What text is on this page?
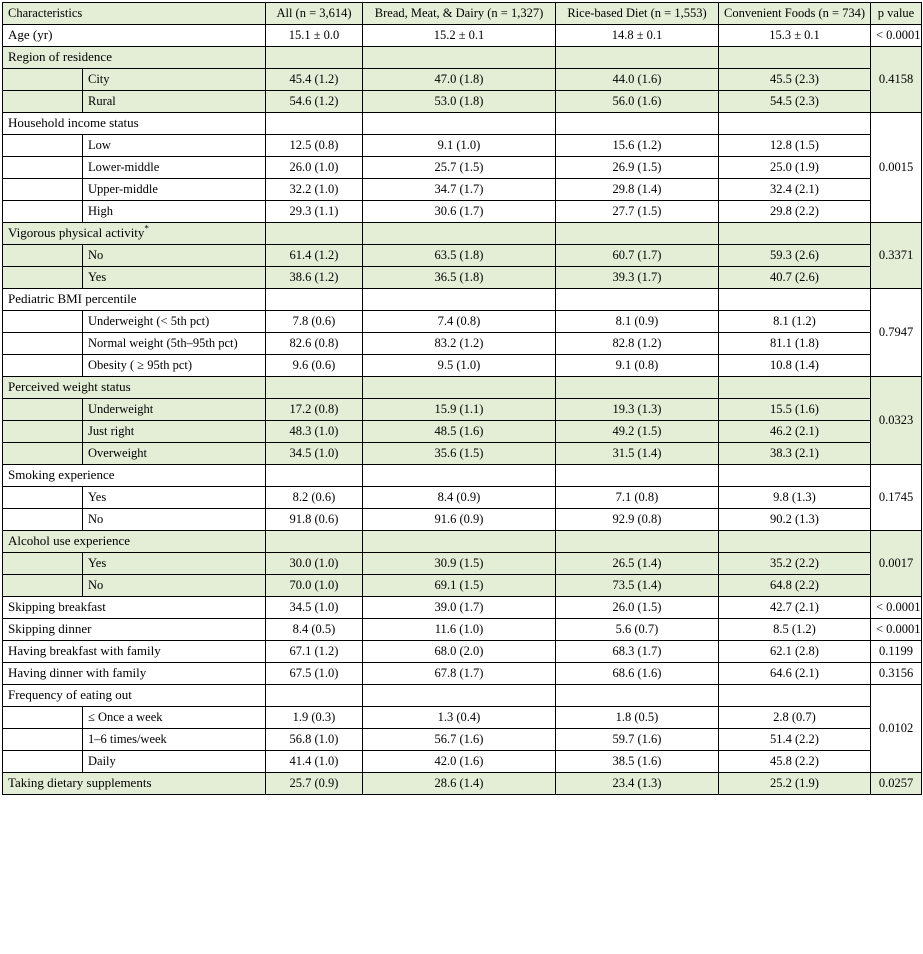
Characteristics		All (n = 3,614)	Bread, Meat, & Dairy (n = 1,327)	Rice-based Diet (n = 1,553)	Convenient Foods (n = 734)	p value
Age (yr)		15.1 ± 0.0	15.2 ± 0.1	14.8 ± 0.1	15.3 ± 0.1	< 0.0001
Region of residence						0.4158
	City	45.4 (1.2)	47.0 (1.8)	44.0 (1.6)	45.5 (2.3)	
	Rural	54.6 (1.2)	53.0 (1.8)	56.0 (1.6)	54.5 (2.3)	
Household income status						0.0015
	Low	12.5 (0.8)	9.1 (1.0)	15.6 (1.2)	12.8 (1.5)	
	Lower-middle	26.0 (1.0)	25.7 (1.5)	26.9 (1.5)	25.0 (1.9)	
	Upper-middle	32.2 (1.0)	34.7 (1.7)	29.8 (1.4)	32.4 (2.1)	
	High	29.3 (1.1)	30.6 (1.7)	27.7 (1.5)	29.8 (2.2)	
Vigorous physical activity*						0.3371
	No	61.4 (1.2)	63.5 (1.8)	60.7 (1.7)	59.3 (2.6)	
	Yes	38.6 (1.2)	36.5 (1.8)	39.3 (1.7)	40.7 (2.6)	
Pediatric BMI percentile						0.7947
	Underweight (< 5th pct)	7.8 (0.6)	7.4 (0.8)	8.1 (0.9)	8.1 (1.2)	
	Normal weight (5th–95th pct)	82.6 (0.8)	83.2 (1.2)	82.8 (1.2)	81.1 (1.8)	
	Obesity ( ≥ 95th pct)	9.6 (0.6)	9.5 (1.0)	9.1 (0.8)	10.8 (1.4)	
Perceived weight status						0.0323
	Underweight	17.2 (0.8)	15.9 (1.1)	19.3 (1.3)	15.5 (1.6)	
	Just right	48.3 (1.0)	48.5 (1.6)	49.2 (1.5)	46.2 (2.1)	
	Overweight	34.5 (1.0)	35.6 (1.5)	31.5 (1.4)	38.3 (2.1)	
Smoking experience						0.1745
	Yes	8.2 (0.6)	8.4 (0.9)	7.1 (0.8)	9.8 (1.3)	
	No	91.8 (0.6)	91.6 (0.9)	92.9 (0.8)	90.2 (1.3)	
Alcohol use experience						0.0017
	Yes	30.0 (1.0)	30.9 (1.5)	26.5 (1.4)	35.2 (2.2)	
	No	70.0 (1.0)	69.1 (1.5)	73.5 (1.4)	64.8 (2.2)	
Skipping breakfast		34.5 (1.0)	39.0 (1.7)	26.0 (1.5)	42.7 (2.1)	< 0.0001
Skipping dinner		8.4 (0.5)	11.6 (1.0)	5.6 (0.7)	8.5 (1.2)	< 0.0001
Having breakfast with family		67.1 (1.2)	68.0 (2.0)	68.3 (1.7)	62.1 (2.8)	0.1199
Having dinner with family		67.5 (1.0)	67.8 (1.7)	68.6 (1.6)	64.6 (2.1)	0.3156
Frequency of eating out						0.0102
	≤ Once a week	1.9 (0.3)	1.3 (0.4)	1.8 (0.5)	2.8 (0.7)	
	1–6 times/week	56.8 (1.0)	56.7 (1.6)	59.7 (1.6)	51.4 (2.2)	
	Daily	41.4 (1.0)	42.0 (1.6)	38.5 (1.6)	45.8 (2.2)	
Taking dietary supplements		25.7 (0.9)	28.6 (1.4)	23.4 (1.3)	25.2 (1.9)	0.0257
